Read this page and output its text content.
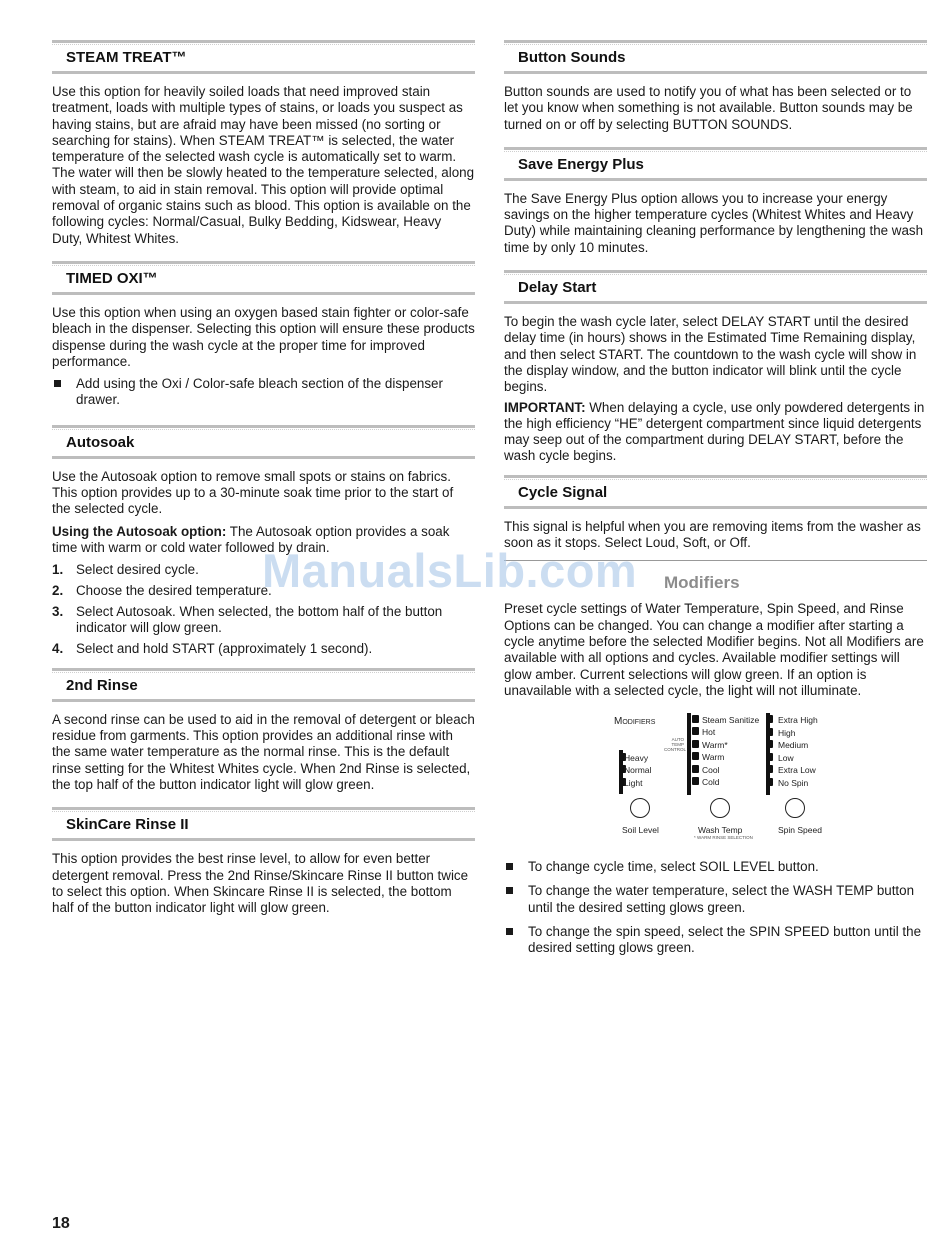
STEAM TREAT™

Use this option for heavily soiled loads that need improved stain treatment, loads with multiple types of stains, or loads you suspect as having stains, but are afraid may have been missed (no sorting or searching for stains). When STEAM TREAT™ is selected, the water temperature of the selected wash cycle is automatically set to warm. The water will then be slowly heated to the temperature selected, along with steam, to aid in stain removal. This option will provide optimal removal of organic stains such as blood. This option is available on the following cycles: Normal/Casual, Bulky Bedding, Kidswear, Heavy Duty, Whitest Whites.

TIMED OXI™

Use this option when using an oxygen based stain fighter or color-safe bleach in the dispenser. Selecting this option will ensure these products dispense during the wash cycle at the proper time for improved performance.

Add using the Oxi / Color-safe bleach section of the dispenser drawer.
Autosoak

Use the Autosoak option to remove small spots or stains on fabrics. This option provides up to a 30-minute soak time prior to the start of the selected cycle.

Using the Autosoak option: The Autosoak option provides a soak time with warm or cold water followed by drain.

1. Select desired cycle.
2. Choose the desired temperature.
3. Select Autosoak. When selected, the bottom half of the button indicator will glow green.
4. Select and hold START (approximately 1 second).
2nd Rinse

A second rinse can be used to aid in the removal of detergent or bleach residue from garments. This option provides an additional rinse with the same water temperature as the normal rinse. This is the default rinse setting for the Whitest Whites cycle. When 2nd Rinse is selected, the top half of the button indicator light will glow green.

SkinCare Rinse II

This option provides the best rinse level, to allow for even better detergent removal. Press the 2nd Rinse/Skincare Rinse II button twice to select this option. When Skincare Rinse II is selected, the bottom half of the button indicator light will glow green.

Button Sounds

Button sounds are used to notify you of what has been selected or to let you know when something is not available. Button sounds may be turned on or off by selecting BUTTON SOUNDS.

Save Energy Plus

The Save Energy Plus option allows you to increase your energy savings on the higher temperature cycles (Whitest Whites and Heavy Duty) while maintaining cleaning performance by lengthening the wash time by only 10 minutes.

Delay Start

To begin the wash cycle later, select DELAY START until the desired delay time (in hours) shows in the Estimated Time Remaining display, and then select START. The countdown to the wash cycle will show in the display window, and the button indicator will blink until the cycle begins.

IMPORTANT: When delaying a cycle, use only powdered detergents in the high efficiency “HE” detergent compartment since liquid detergents may seep out of the compartment during DELAY START, before the wash cycle begins.

Cycle Signal

This signal is helpful when you are removing items from the washer as soon as it stops. Select Loud, Soft, or Off.

Modifiers

Preset cycle settings of Water Temperature, Spin Speed, and Rinse Options can be changed. You can change a modifier after starting a cycle anytime before the selected Modifier begins. Not all Modifiers are available with all options and cycles. Available modifier settings will glow amber. Current selections will glow green. If an option is unavailable with a selected cycle, the light will not illuminate.

Modifiers
Heavy
Normal
Light
AUTO TEMP CONTROL
Steam Sanitize
Hot
Warm*
Warm
Cool
Cold
Extra High
High
Medium
Low
Extra Low
No Spin
Soil Level	Wash Temp
* WARM RINSE SELECTION
Spin Speed
To change cycle time, select SOIL LEVEL button.
To change the water temperature, select the WASH TEMP button until the desired setting glows green.
To change the spin speed, select the SPIN SPEED button until the desired setting glows green.
ManualsLib.com
18
